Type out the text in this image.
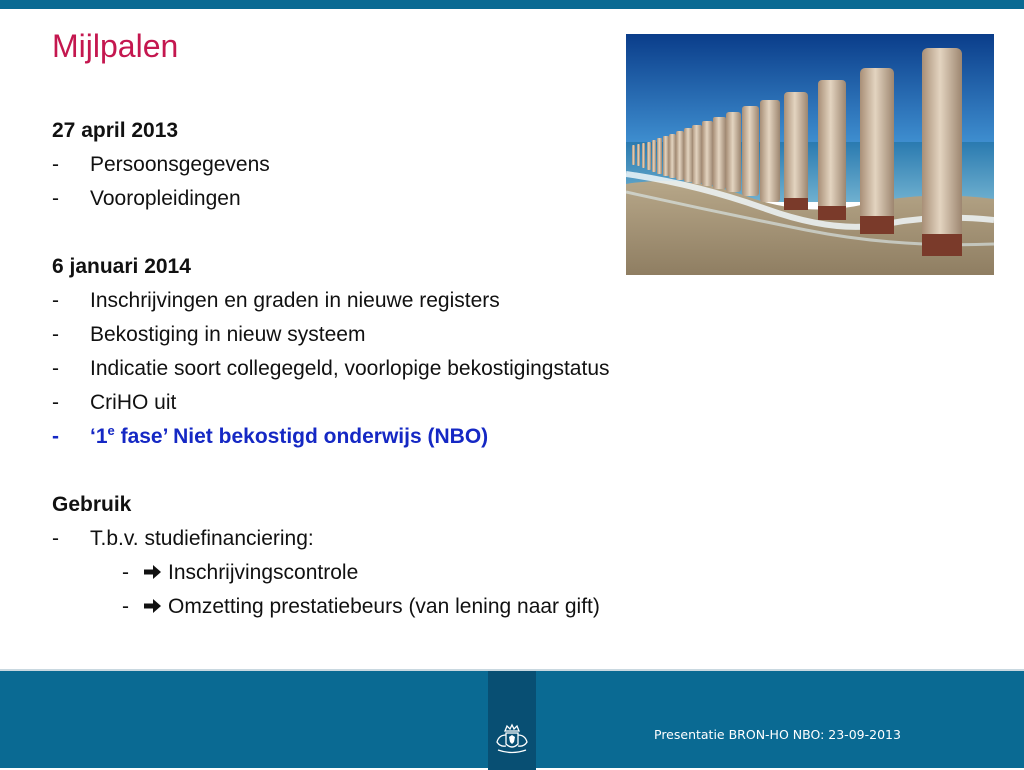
Mijlpalen
27 april 2013
-	Persoonsgegevens
-	Vooropleidingen
6 januari 2014
-	Inschrijvingen en graden in nieuwe registers
-	Bekostiging in nieuw systeem
-	Indicatie soort collegegeld, voorlopige bekostigingstatus
-	CriHO uit
-	‘1e fase’ Niet bekostigd onderwijs (NBO)
Gebruik
-	T.b.v. studiefinanciering:
-	Inschrijvingscontrole
-	Omzetting prestatiebeurs (van lening naar gift)
Presentatie BRON-HO NBO: 23-09-2013
